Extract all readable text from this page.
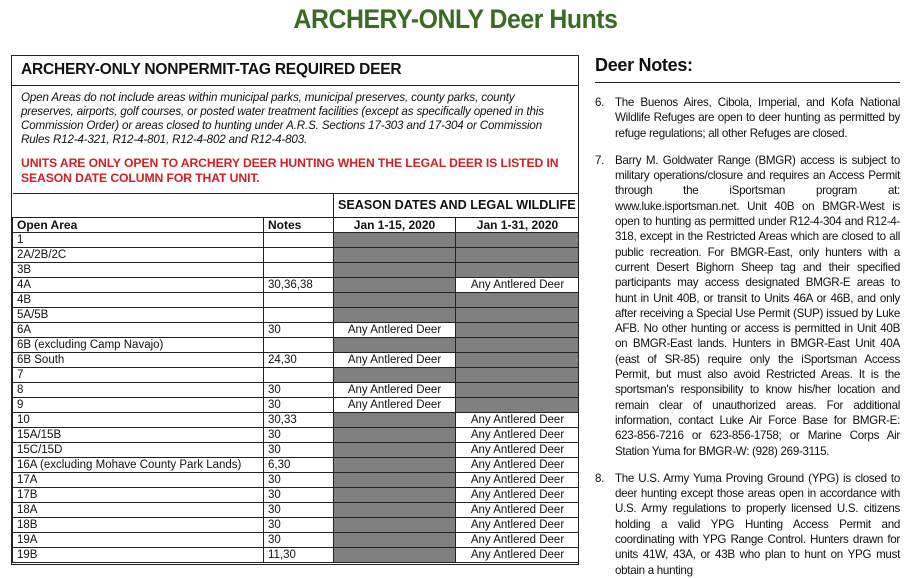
ARCHERY-ONLY Deer Hunts
ARCHERY-ONLY NONPERMIT-TAG REQUIRED DEER
Open Areas do not include areas within municipal parks, municipal preserves, county parks, county preserves, airports, golf courses, or posted water treatment facilities (except as specifically opened in this Commission Order) or areas closed to hunting under A.R.S. Sections 17-303 and 17-304 or Commission Rules R12-4-321, R12-4-801, R12-4-802 and R12-4-803.
UNITS ARE ONLY OPEN TO ARCHERY DEER HUNTING WHEN THE LEGAL DEER IS LISTED IN SEASON DATE COLUMN FOR THAT UNIT.
		SEASON DATES AND LEGAL WILDLIFE	
Open Area	Notes	Jan 1-15, 2020	Jan 1-31, 2020
1			
2A/2B/2C			
3B			
4A	30,36,38		Any Antlered Deer
4B			
5A/5B			
6A	30	Any Antlered Deer	
6B (excluding Camp Navajo)			
6B South	24,30	Any Antlered Deer	
7			
8	30	Any Antlered Deer	
9	30	Any Antlered Deer	
10	30,33		Any Antlered Deer
15A/15B	30		Any Antlered Deer
15C/15D	30		Any Antlered Deer
16A (excluding Mohave County Park Lands)	6,30		Any Antlered Deer
17A	30		Any Antlered Deer
17B	30		Any Antlered Deer
18A	30		Any Antlered Deer
18B	30		Any Antlered Deer
19A	30		Any Antlered Deer
19B	11,30		Any Antlered Deer
Deer Notes:
6. The Buenos Aires, Cibola, Imperial, and Kofa National Wildlife Refuges are open to deer hunting as permitted by refuge regulations; all other Refuges are closed.
7. Barry M. Goldwater Range (BMGR) access is subject to military operations/closure and requires an Access Permit through the iSportsman program at: www.luke.isportsman.net. Unit 40B on BMGR-West is open to hunting as permitted under R12-4-304 and R12-4-318, except in the Restricted Areas which are closed to all public recreation. For BMGR-East, only hunters with a current Desert Bighorn Sheep tag and their specified participants may access designated BMGR-E areas to hunt in Unit 40B, or transit to Units 46A or 46B, and only after receiving a Special Use Permit (SUP) issued by Luke AFB. No other hunting or access is permitted in Unit 40B on BMGR-East lands. Hunters in BMGR-East Unit 40A (east of SR-85) require only the iSportsman Access Permit, but must also avoid Restricted Areas. It is the sportsman's responsibility to know his/her location and remain clear of unauthorized areas. For additional information, contact Luke Air Force Base for BMGR-E: 623-856-7216 or 623-856-1758; or Marine Corps Air Station Yuma for BMGR-W: (928) 269-3115.
8. The U.S. Army Yuma Proving Ground (YPG) is closed to deer hunting except those areas open in accordance with U.S. Army regulations to properly licensed U.S. citizens holding a valid YPG Hunting Access Permit and coordinating with YPG Range Control. Hunters drawn for units 41W, 43A, or 43B who plan to hunt on YPG must obtain a hunting
